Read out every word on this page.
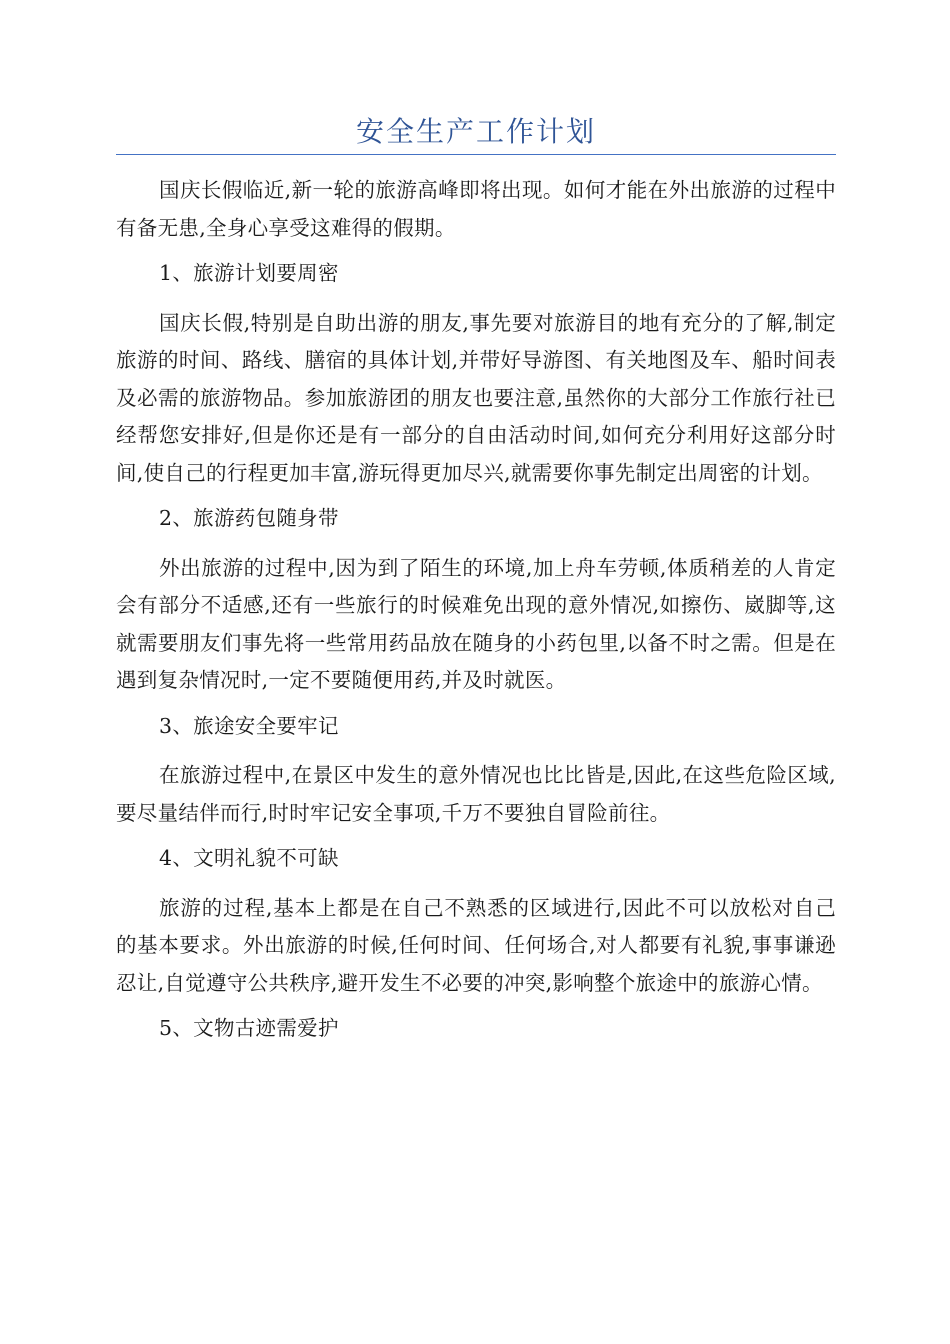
安全生产工作计划

国庆长假临近,新一轮的旅游高峰即将出现。如何才能在外出旅游的过程中有备无患,全身心享受这难得的假期。

1、旅游计划要周密

国庆长假,特别是自助出游的朋友,事先要对旅游目的地有充分的了解,制定旅游的时间、路线、膳宿的具体计划,并带好导游图、有关地图及车、船时间表及必需的旅游物品。参加旅游团的朋友也要注意,虽然你的大部分工作旅行社已经帮您安排好,但是你还是有一部分的自由活动时间,如何充分利用好这部分时间,使自己的行程更加丰富,游玩得更加尽兴,就需要你事先制定出周密的计划。

2、旅游药包随身带

外出旅游的过程中,因为到了陌生的环境,加上舟车劳顿,体质稍差的人肯定会有部分不适感,还有一些旅行的时候难免出现的意外情况,如擦伤、崴脚等,这就需要朋友们事先将一些常用药品放在随身的小药包里,以备不时之需。但是在遇到复杂情况时,一定不要随便用药,并及时就医。

3、旅途安全要牢记

在旅游过程中,在景区中发生的意外情况也比比皆是,因此,在这些危险区域,要尽量结伴而行,时时牢记安全事项,千万不要独自冒险前往。

4、文明礼貌不可缺

旅游的过程,基本上都是在自己不熟悉的区域进行,因此不可以放松对自己的基本要求。外出旅游的时候,任何时间、任何场合,对人都要有礼貌,事事谦逊忍让,自觉遵守公共秩序,避开发生不必要的冲突,影响整个旅途中的旅游心情。

5、文物古迹需爱护
